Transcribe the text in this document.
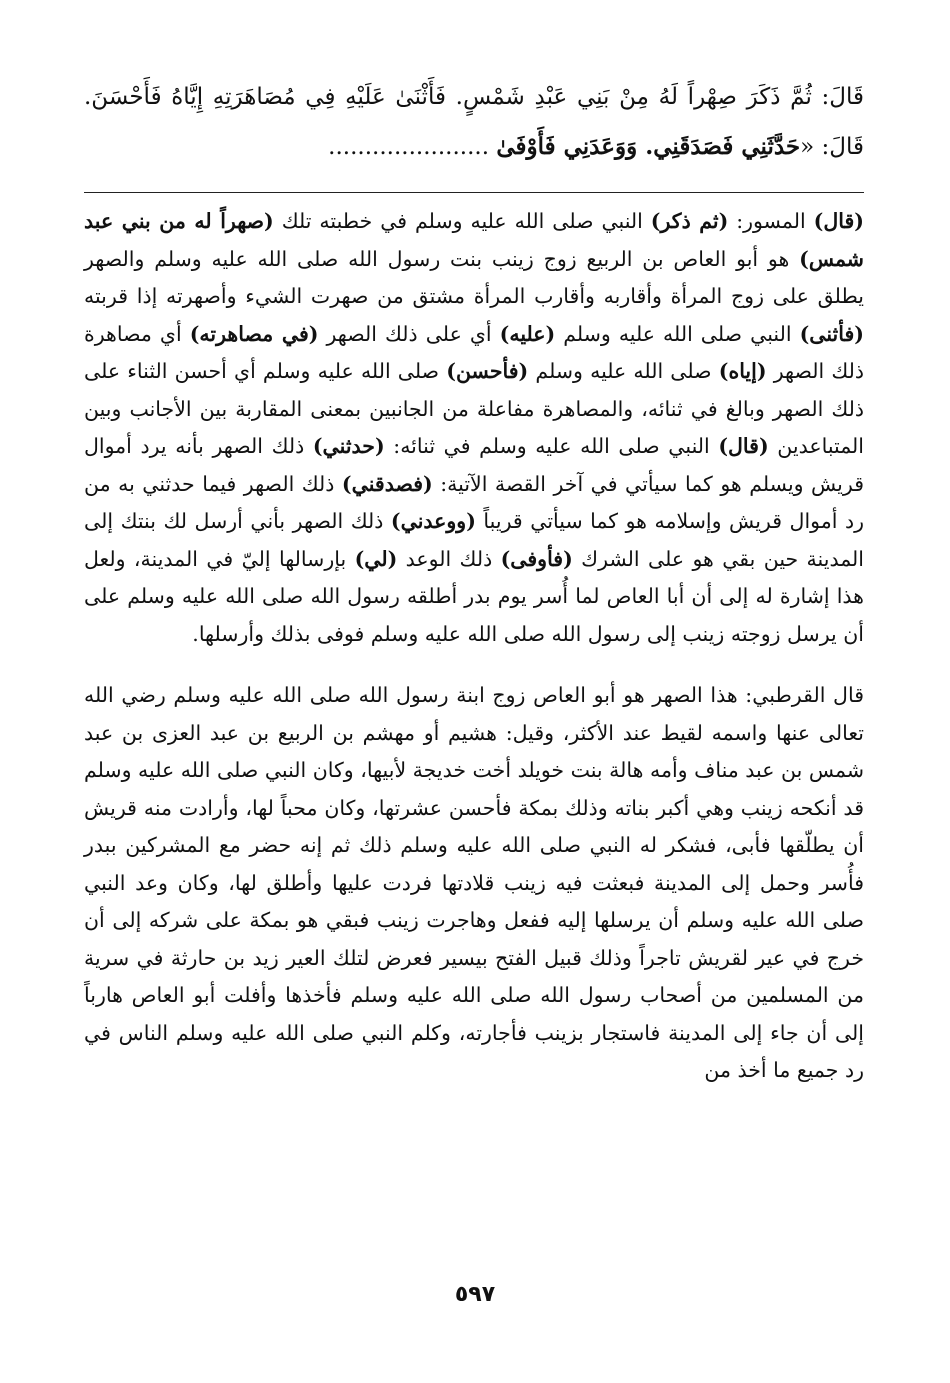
قَالَ: ثُمَّ ذَكَرَ صِهْراً لَهُ مِنْ بَنِي عَبْدِ شَمْسٍ. فَأَثْنَىٰ عَلَيْهِ فِي مُصَاهَرَتِهِ إِيَّاهُ فَأَحْسَنَ. قَالَ: «حَدَّثَنِي فَصَدَقَنِي. وَوَعَدَنِي فَأَوْفَىٰ ......................

(قال) المسور: (ثم ذكر) النبي صلى الله عليه وسلم في خطبته تلك (صهراً له من بني عبد شمس) هو أبو العاص بن الربيع زوج زينب بنت رسول الله صلى الله عليه وسلم والصهر يطلق على زوج المرأة وأقاربه وأقارب المرأة مشتق من صهرت الشيء وأصهرته إذا قربته (فأثنى) النبي صلى الله عليه وسلم (عليه) أي على ذلك الصهر (في مصاهرته) أي مصاهرة ذلك الصهر (إياه) صلى الله عليه وسلم (فأحسن) صلى الله عليه وسلم أي أحسن الثناء على ذلك الصهر وبالغ في ثنائه، والمصاهرة مفاعلة من الجانبين بمعنى المقاربة بين الأجانب وبين المتباعدين (قال) النبي صلى الله عليه وسلم في ثنائه: (حدثني) ذلك الصهر بأنه يرد أموال قريش ويسلم هو كما سيأتي في آخر القصة الآتية: (فصدقني) ذلك الصهر فيما حدثني به من رد أموال قريش وإسلامه هو كما سيأتي قريباً (ووعدني) ذلك الصهر بأني أرسل لك بنتك إلى المدينة حين بقي هو على الشرك (فأوفى) ذلك الوعد (لي) بإرسالها إليّ في المدينة، ولعل هذا إشارة له إلى أن أبا العاص لما أُسر يوم بدر أطلقه رسول الله صلى الله عليه وسلم على أن يرسل زوجته زينب إلى رسول الله صلى الله عليه وسلم فوفى بذلك وأرسلها.

قال القرطبي: هذا الصهر هو أبو العاص زوج ابنة رسول الله صلى الله عليه وسلم رضي الله تعالى عنها واسمه لقيط عند الأكثر، وقيل: هشيم أو مهشم بن الربيع بن عبد العزى بن عبد شمس بن عبد مناف وأمه هالة بنت خويلد أخت خديجة لأبيها، وكان النبي صلى الله عليه وسلم قد أنكحه زينب وهي أكبر بناته وذلك بمكة فأحسن عشرتها، وكان محباً لها، وأرادت منه قريش أن يطلّقها فأبى، فشكر له النبي صلى الله عليه وسلم ذلك ثم إنه حضر مع المشركين ببدر فأُسر وحمل إلى المدينة فبعثت فيه زينب قلادتها فردت عليها وأطلق لها، وكان وعد النبي صلى الله عليه وسلم أن يرسلها إليه ففعل وهاجرت زينب فبقي هو بمكة على شركه إلى أن خرج في عير لقريش تاجراً وذلك قبيل الفتح بيسير فعرض لتلك العير زيد بن حارثة في سرية من المسلمين من أصحاب رسول الله صلى الله عليه وسلم فأخذها وأفلت أبو العاص هارباً إلى أن جاء إلى المدينة فاستجار بزينب فأجارته، وكلم النبي صلى الله عليه وسلم الناس في رد جميع ما أخذ من

٥٩٧
